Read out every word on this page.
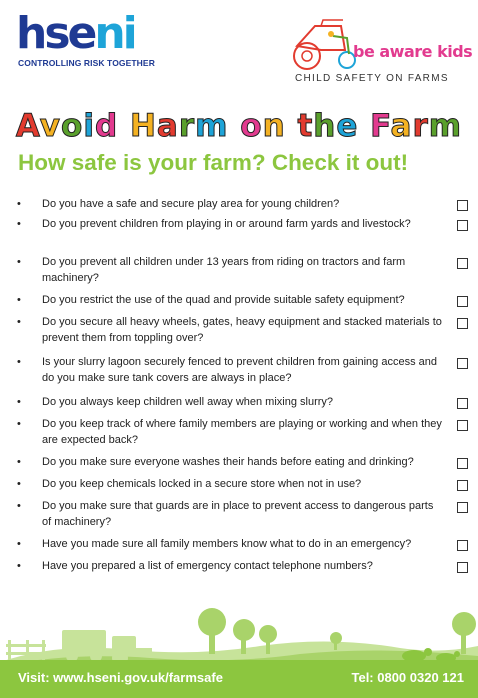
hseni
CONTROLLING RISK TOGETHER
be aware kids
CHILD SAFETY ON FARMS
Avoid Harm on the Farm
How safe is your farm? Check it out!
• Do you have a safe and secure play area for young children?
• Do you prevent children from playing in or around farm yards and livestock?
• Do you prevent all children under 13 years from riding on tractors and farm machinery?
• Do you restrict the use of the quad and provide suitable safety equipment?
• Do you secure all heavy wheels, gates, heavy equipment and stacked materials to prevent them from toppling over?
• Is your slurry lagoon securely fenced to prevent children from gaining access and do you make sure tank covers are always in place?
• Do you always keep children well away when mixing slurry?
• Do you keep track of where family members are playing or working and when they are expected back?
• Do you make sure everyone washes their hands before eating and drinking?
• Do you keep chemicals locked in a secure store when not in use?
• Do you make sure that guards are in place to prevent access to dangerous parts of machinery?
• Have you made sure all family members know what to do in an emergency?
• Have you prepared a list of emergency contact telephone numbers?
Visit: www.hseni.gov.uk/farmsafe	Tel: 0800 0320 121
